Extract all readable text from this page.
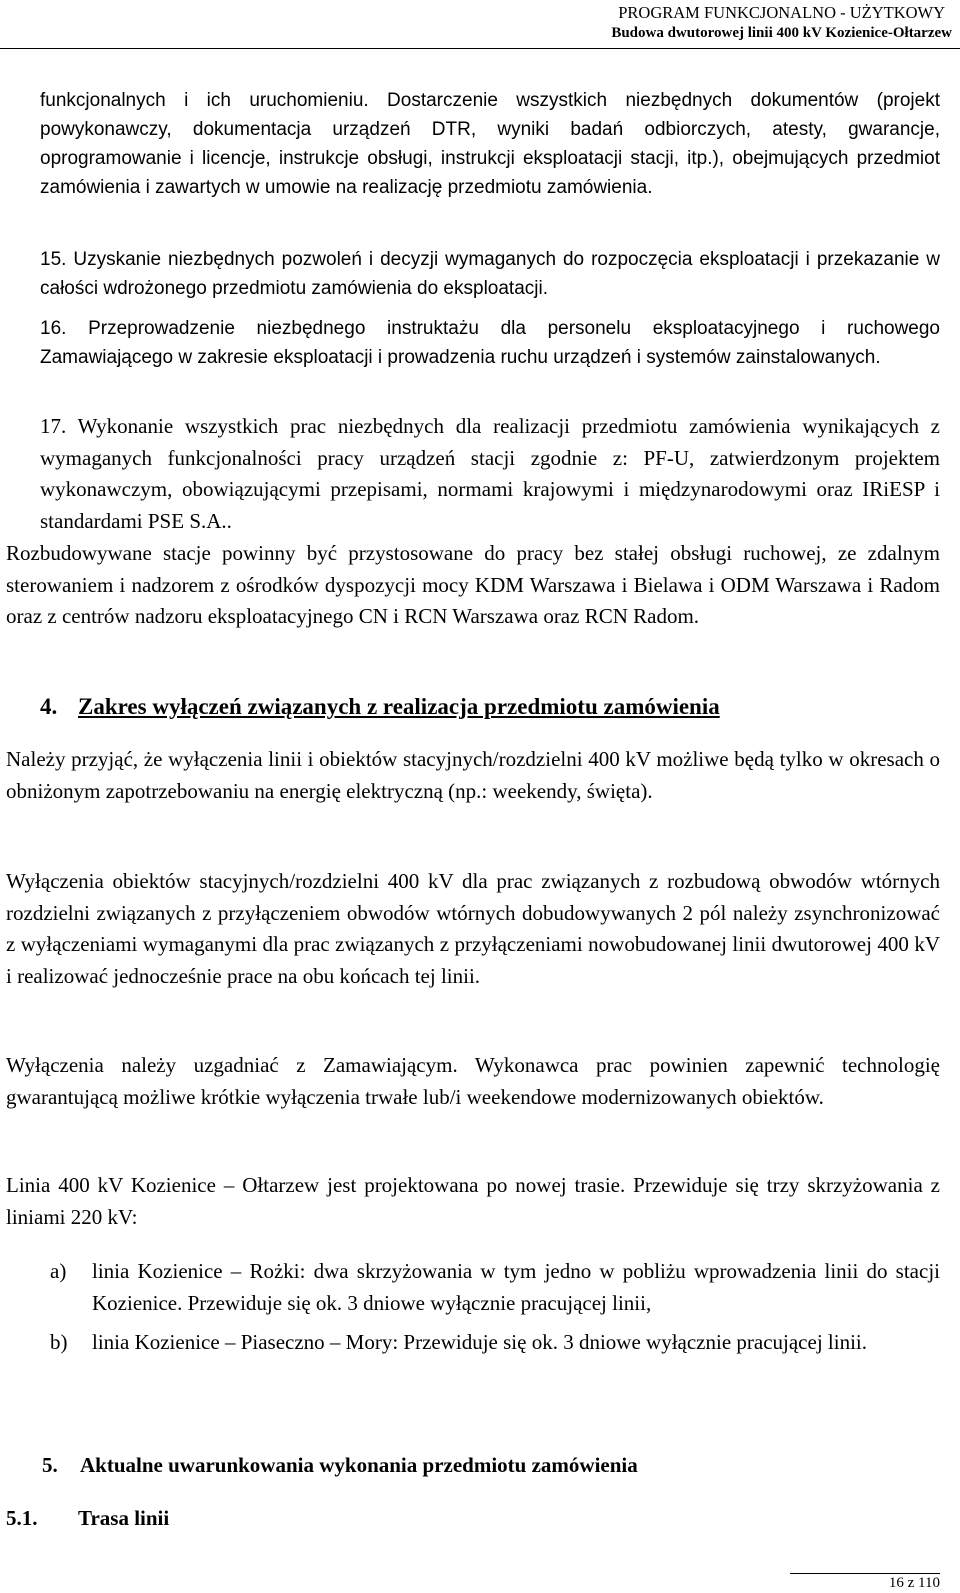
PROGRAM FUNKCJONALNO - UŻYTKOWY
Budowa dwutorowej linii 400 kV Kozienice-Ołtarzew
funkcjonalnych i ich uruchomieniu. Dostarczenie wszystkich niezbędnych dokumentów (projekt powykonawczy, dokumentacja urządzeń DTR, wyniki badań odbiorczych, atesty, gwarancje, oprogramowanie i licencje, instrukcje obsługi, instrukcji eksploatacji stacji, itp.), obejmujących przedmiot zamówienia i zawartych w umowie na realizację przedmiotu zamówienia.
15. Uzyskanie niezbędnych pozwoleń i decyzji wymaganych do rozpoczęcia eksploatacji i przekazanie w całości wdrożonego przedmiotu zamówienia do eksploatacji.
16. Przeprowadzenie niezbędnego instruktażu dla personelu eksploatacyjnego i ruchowego Zamawiającego w zakresie eksploatacji i prowadzenia ruchu urządzeń i systemów zainstalowanych.
17. Wykonanie wszystkich prac niezbędnych dla realizacji przedmiotu zamówienia wynikających z wymaganych funkcjonalności pracy urządzeń stacji zgodnie z: PF-U, zatwierdzonym projektem wykonawczym, obowiązującymi przepisami, normami krajowymi i międzynarodowymi oraz IRiESP i standardami PSE S.A..
Rozbudowywane stacje powinny być przystosowane do pracy bez stałej obsługi ruchowej, ze zdalnym sterowaniem i nadzorem z ośrodków dyspozycji mocy KDM Warszawa i Bielawa i ODM Warszawa i Radom oraz z centrów nadzoru eksploatacyjnego CN i RCN Warszawa oraz RCN Radom.
4. Zakres wyłączeń związanych z realizacja przedmiotu zamówienia
Należy przyjąć, że wyłączenia linii i obiektów stacyjnych/rozdzielni 400 kV możliwe będą tylko w okresach o obniżonym zapotrzebowaniu na energię elektryczną (np.: weekendy, święta).
Wyłączenia obiektów stacyjnych/rozdzielni 400 kV dla prac związanych z rozbudową obwodów wtórnych rozdzielni związanych z przyłączeniem obwodów wtórnych dobudowywanych 2 pól należy zsynchronizować z wyłączeniami wymaganymi dla prac związanych z przyłączeniami nowobudowanej linii dwutorowej 400 kV i realizować jednocześnie prace na obu końcach tej linii.
Wyłączenia należy uzgadniać z Zamawiającym. Wykonawca prac powinien zapewnić technologię gwarantującą możliwe krótkie wyłączenia trwałe lub/i weekendowe modernizowanych obiektów.
Linia 400 kV Kozienice – Ołtarzew jest projektowana po nowej trasie. Przewiduje się trzy skrzyżowania z liniami 220 kV:
a)	linia Kozienice – Rożki: dwa skrzyżowania w tym jedno w pobliżu wprowadzenia linii do stacji Kozienice. Przewiduje się ok. 3 dniowe wyłącznie pracującej linii,
b)	linia Kozienice – Piaseczno – Mory: Przewiduje się ok. 3 dniowe wyłącznie pracującej linii.
5. Aktualne uwarunkowania wykonania przedmiotu zamówienia
5.1. Trasa linii
16 z 110
